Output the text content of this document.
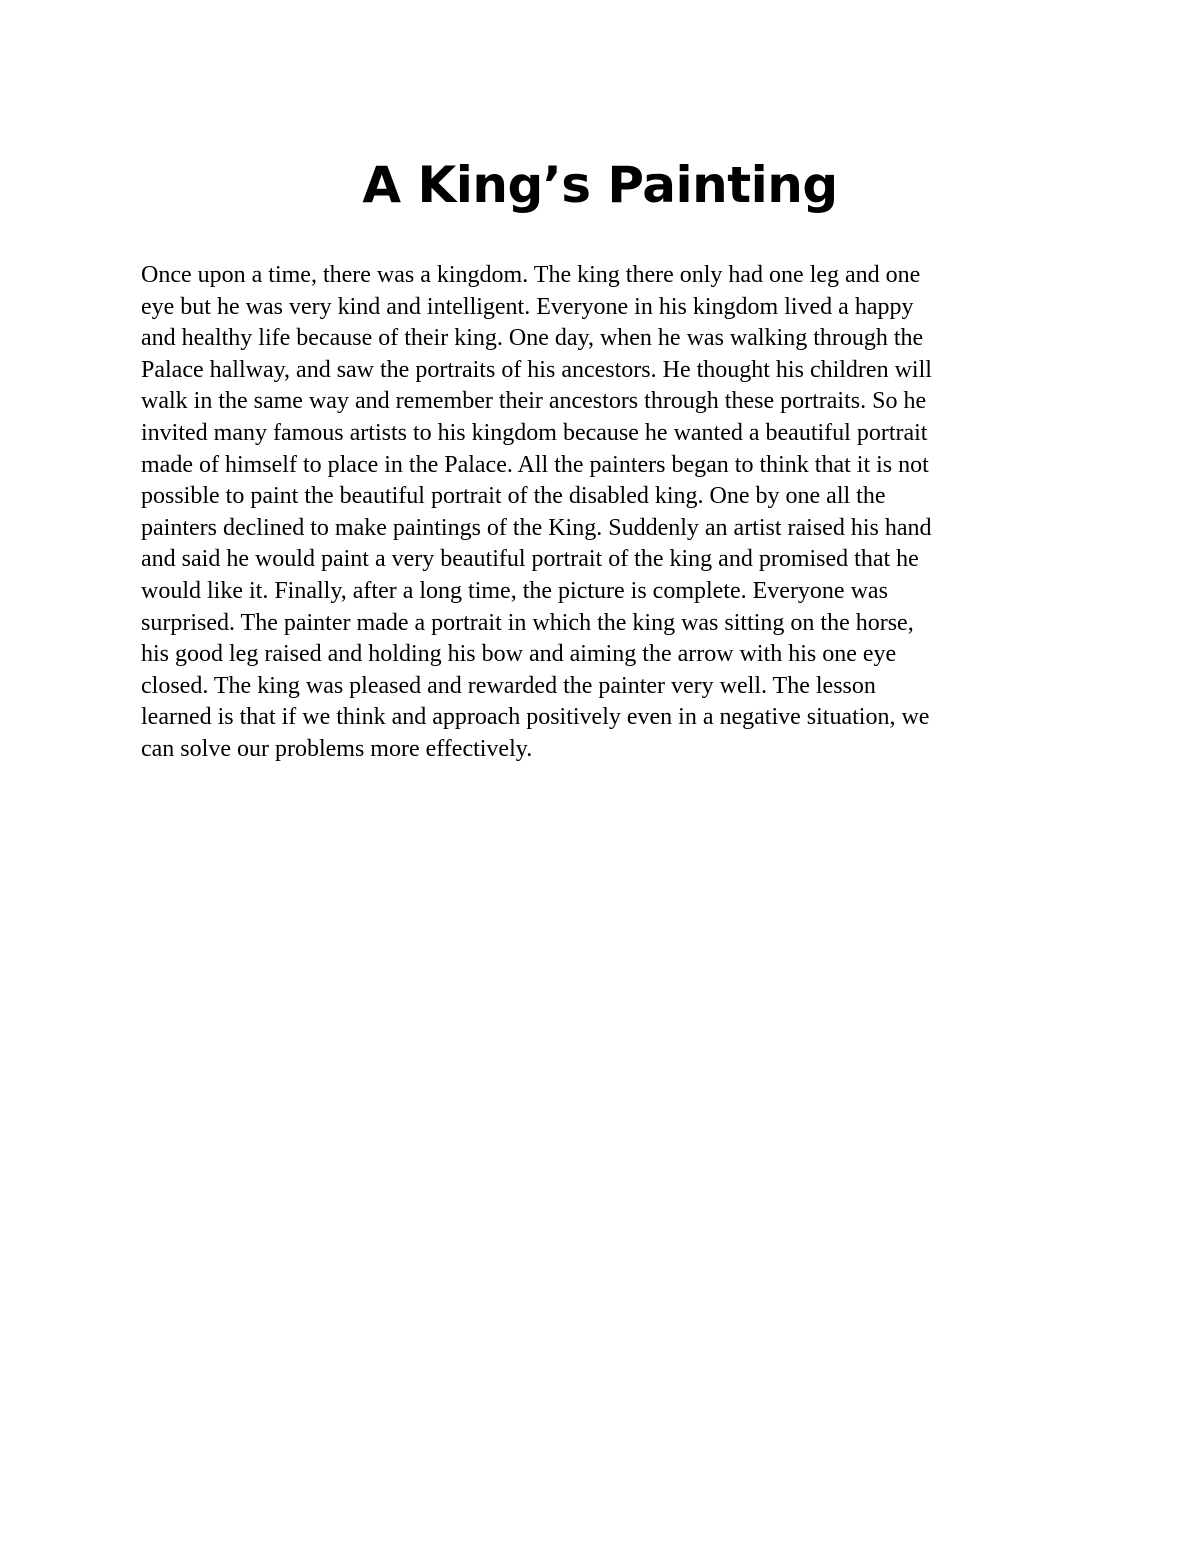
A King’s Painting

Once upon a time, there was a kingdom. The king there only had one leg and one
eye but he was very kind and intelligent. Everyone in his kingdom lived a happy
and healthy life because of their king. One day, when he was walking through the
Palace hallway, and saw the portraits of his ancestors. He thought his children will
walk in the same way and remember their ancestors through these portraits. So he
invited many famous artists to his kingdom because he wanted a beautiful portrait
made of himself to place in the Palace. All the painters began to think that it is not
possible to paint the beautiful portrait of the disabled king. One by one all the
painters declined to make paintings of the King. Suddenly an artist raised his hand
and said he would paint a very beautiful portrait of the king and promised that he
would like it. Finally, after a long time, the picture is complete. Everyone was
surprised. The painter made a portrait in which the king was sitting on the horse,
his good leg raised and holding his bow and aiming the arrow with his one eye
closed. The king was pleased and rewarded the painter very well. The lesson
learned is that if we think and approach positively even in a negative situation, we
can solve our problems more effectively.
